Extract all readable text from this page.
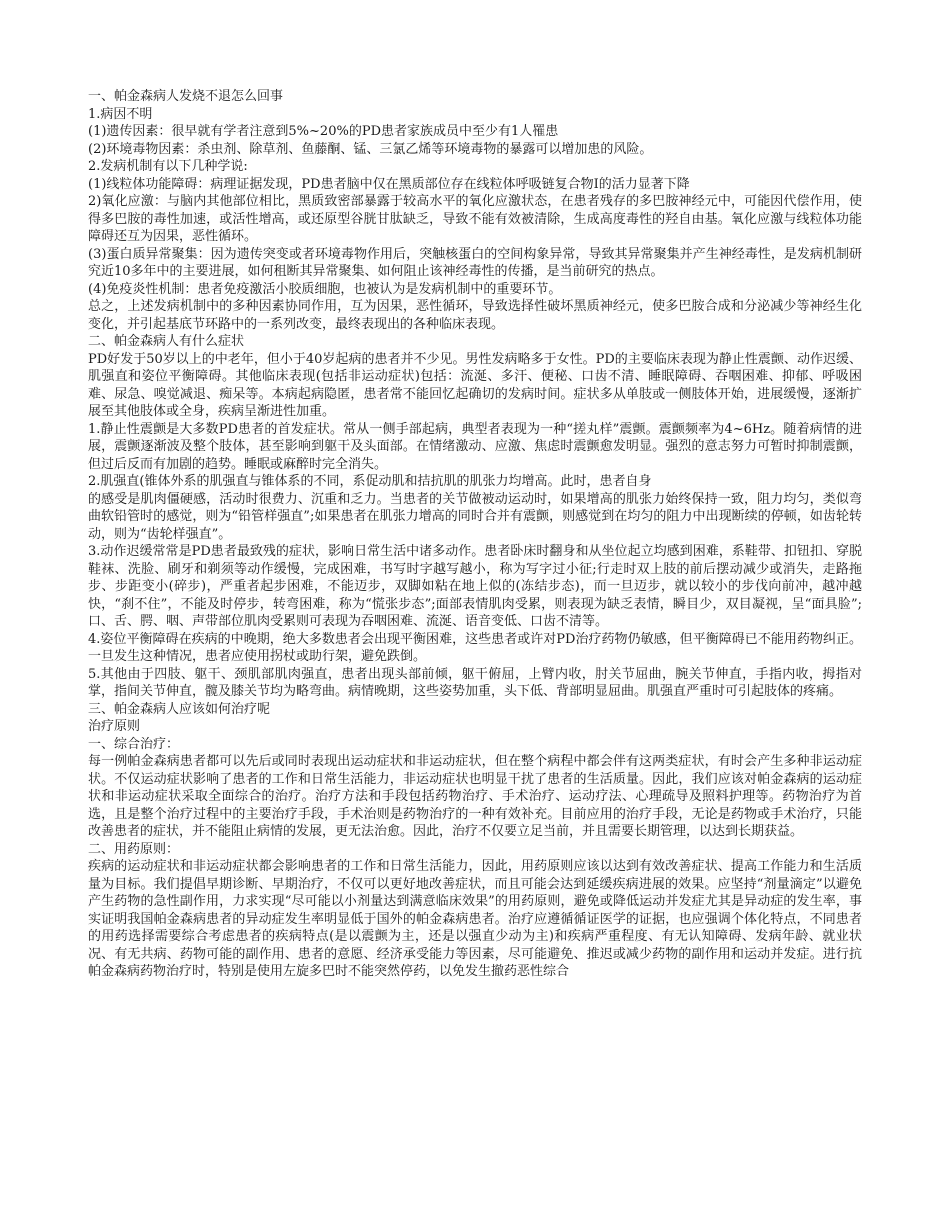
一、帕金森病人发烧不退怎么回事

1.病因不明

(1)遗传因素：很早就有学者注意到5%~20%的PD患者家族成员中至少有1人罹患

(2)环境毒物因素：杀虫剂、除草剂、鱼藤酮、锰、三氯乙烯等环境毒物的暴露可以增加患的风险。

2.发病机制有以下几种学说:

(1)线粒体功能障碍：病理证据发现，PD患者脑中仅在黑质部位存在线粒体呼吸链复合物Ⅰ的活力显著下降

2)氧化应激：与脑内其他部位相比，黑质致密部暴露于较高水平的氧化应激状态，在患者残存的多巴胺神经元中，可能因代偿作用，使得多巴胺的毒性加速，或活性增高，或还原型谷胱甘肽缺乏，导致不能有效被清除，生成高度毒性的羟自由基。氧化应激与线粒体功能障碍还互为因果，恶性循环。

(3)蛋白质异常聚集：因为遗传突变或者环境毒物作用后，突触核蛋白的空间构象异常，导致其异常聚集并产生神经毒性，是发病机制研究近10多年中的主要进展，如何租断其异常聚集、如何阻止该神经毒性的传播，是当前研究的热点。

(4)免疫炎性机制：患者免疫激活小胶质细胞，也被认为是发病机制中的重要环节。

总之，上述发病机制中的多种因素协同作用，互为因果，恶性循环，导致选择性破坏黑质神经元，使多巴胺合成和分泌减少等神经生化变化，并引起基底节环路中的一系列改变，最终表现出的各种临床表现。

二、帕金森病人有什么症状

PD好发于50岁以上的中老年，但小于40岁起病的患者并不少见。男性发病略多于女性。PD的主要临床表现为静止性震颤、动作迟缓、肌强直和姿位平衡障碍。其他临床表现(包括非运动症状)包括：流涎、多汗、便秘、口齿不清、睡眠障碍、吞咽困难、抑郁、呼吸困难、尿急、嗅觉减退、痴呆等。本病起病隐匿，患者常不能回忆起确切的发病时间。症状多从单肢或一侧肢体开始，进展缓慢，逐渐扩展至其他肢体或全身，疾病呈渐进性加重。

1.静止性震颤是大多数PD患者的首发症状。常从一侧手部起病，典型者表现为一种“搓丸样”震颤。震颤频率为4~6Hz。随着病情的进展，震颤逐渐波及整个肢体，甚至影响到躯干及头面部。在情绪激动、应激、焦虑时震颤愈发明显。强烈的意志努力可暂时抑制震颤，但过后反而有加剧的趋势。睡眠或麻醉时完全消失。

2.肌强直(锥体外系的肌强直与锥体系的不同，系促动肌和拮抗肌的肌张力均增高。此时，患者自身

的感受是肌肉僵硬感，活动时很费力、沉重和乏力。当患者的关节做被动运动时，如果增高的肌张力始终保持一致，阻力均匀，类似弯曲软铅管时的感觉，则为“铅管样强直”;如果患者在肌张力增高的同时合并有震颤，则感觉到在均匀的阻力中出现断续的停顿，如齿轮转动，则为“齿轮样强直”。

3.动作迟缓常常是PD患者最致残的症状，影响日常生活中诸多动作。患者卧床时翻身和从坐位起立均感到困难，系鞋带、扣钮扣、穿脱鞋袜、洗脸、刷牙和剃须等动作缓慢，完成困难，书写时字越写越小，称为写字过小征;行走时双上肢的前后摆动减少或消失，走路拖步、步距变小(碎步)，严重者起步困难，不能迈步，双脚如粘在地上似的(冻结步态)，而一旦迈步，就以较小的步伐向前冲，越冲越快，“刹不住”，不能及时停步，转弯困难，称为“慌张步态”;面部表情肌肉受累，则表现为缺乏表情，瞬目少，双目凝视，呈“面具脸”;口、舌、腭、咽、声带部位肌肉受累则可表现为吞咽困难、流涎、语音变低、口齿不清等。

4.姿位平衡障碍在疾病的中晚期，绝大多数患者会出现平衡困难，这些患者或许对PD治疗药物仍敏感，但平衡障碍已不能用药物纠正。一旦发生这种情况，患者应使用拐杖或助行架，避免跌倒。

5.其他由于四肢、躯干、颈肌部肌肉强直，患者出现头部前倾，躯干俯屈，上臂内收，肘关节屈曲，腕关节伸直，手指内收，拇指对掌，指间关节伸直，髋及膝关节均为略弯曲。病情晚期，这些姿势加重，头下低、背部明显屈曲。肌强直严重时可引起肢体的疼痛。

三、帕金森病人应该如何治疗呢

治疗原则

一、综合治疗：

每一例帕金森病患者都可以先后或同时表现出运动症状和非运动症状，但在整个病程中都会伴有这两类症状，有时会产生多种非运动症状。不仅运动症状影响了患者的工作和日常生活能力，非运动症状也明显干扰了患者的生活质量。因此，我们应该对帕金森病的运动症状和非运动症状采取全面综合的治疗。治疗方法和手段包括药物治疗、手术治疗、运动疗法、心理疏导及照料护理等。药物治疗为首选，且是整个治疗过程中的主要治疗手段，手术治则是药物治疗的一种有效补充。目前应用的治疗手段，无论是药物或手术治疗，只能改善患者的症状，并不能阻止病情的发展，更无法治愈。因此，治疗不仅要立足当前，并且需要长期管理，以达到长期获益。

二、用药原则：

疾病的运动症状和非运动症状都会影响患者的工作和日常生活能力，因此，用药原则应该以达到有效改善症状、提高工作能力和生活质量为目标。我们提倡早期诊断、早期治疗，不仅可以更好地改善症状，而且可能会达到延缓疾病进展的效果。应坚持“剂量滴定”以避免产生药物的急性副作用，力求实现“尽可能以小剂量达到满意临床效果”的用药原则，避免或降低运动并发症尤其是异动症的发生率，事实证明我国帕金森病患者的异动症发生率明显低于国外的帕金森病患者。治疗应遵循循证医学的证据，也应强调个体化特点，不同患者的用药选择需要综合考虑患者的疾病特点(是以震颤为主，还是以强直少动为主)和疾病严重程度、有无认知障碍、发病年龄、就业状况、有无共病、药物可能的副作用、患者的意愿、经济承受能力等因素，尽可能避免、推迟或减少药物的副作用和运动并发症。进行抗帕金森病药物治疗时，特别是使用左旋多巴时不能突然停药，以免发生撤药恶性综合
